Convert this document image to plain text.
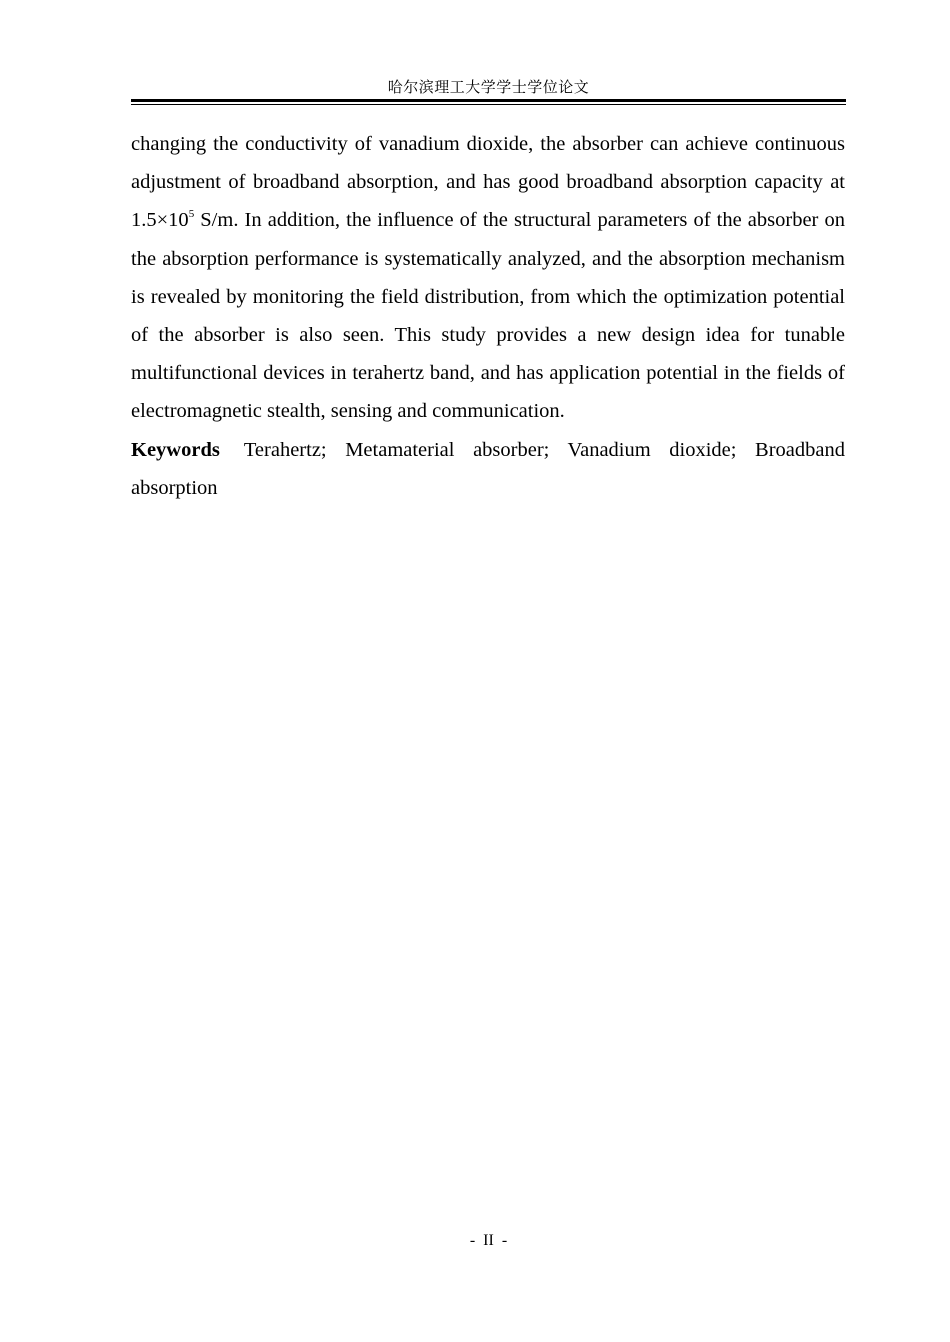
哈尔滨理工大学学士学位论文

changing the conductivity of vanadium dioxide, the absorber can achieve continuous adjustment of broadband absorption, and has good broadband absorption capacity at $1.5\times 10^5$ S/m. In addition, the influence of the structural parameters of the absorber on the absorption performance is systematically analyzed, and the absorption mechanism is revealed by monitoring the field distribution, from which the optimization potential of the absorber is also seen. This study provides a new design idea for tunable multifunctional devices in terahertz band, and has application potential in the fields of electromagnetic stealth, sensing and communication.

Keywords Terahertz; Metamaterial absorber; Vanadium dioxide; Broadband absorption

- II -
